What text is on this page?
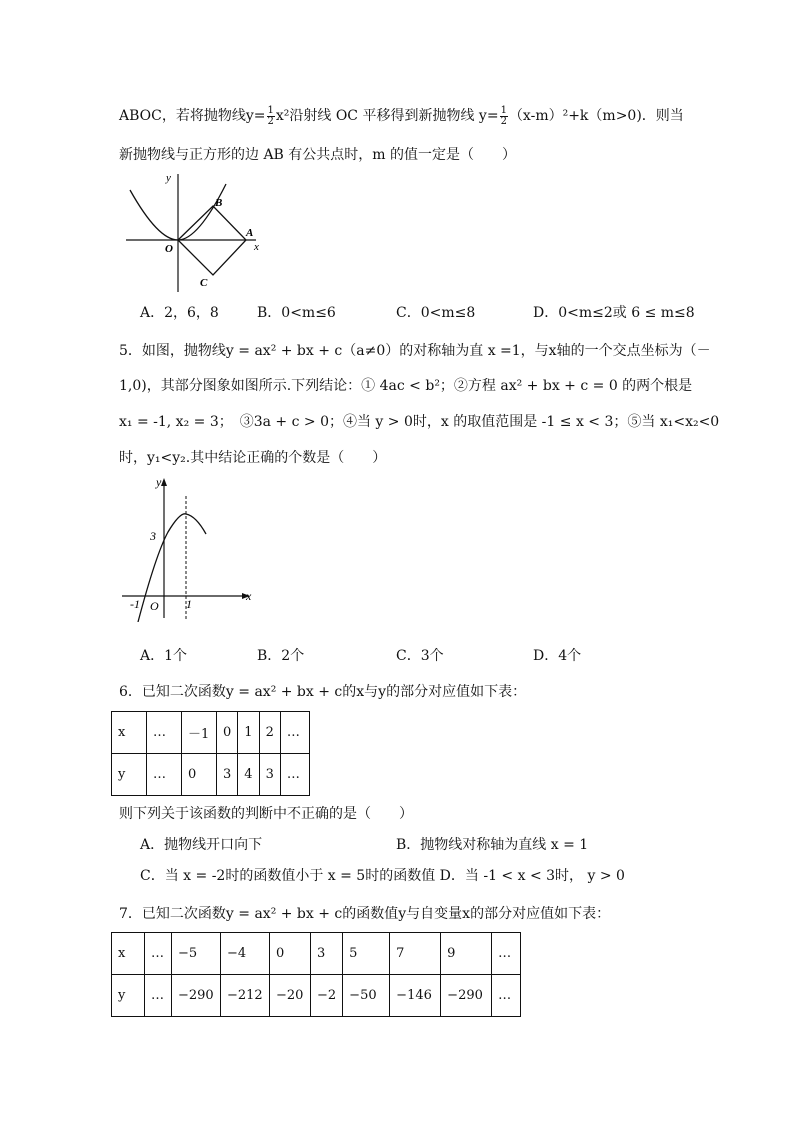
ABOC，若将抛物线$y= \frac{1}{2} x^2$沿射线 OC 平移得到新抛物线 $y= \frac{1}{2} (x-m)^2+k(m>0)$．则当
新抛物线与正方形的边 AB 有公共点时，m 的值一定是（　　）
y
x
O
A
B
C
A．2，6，8	B．0<m≤6	C．0<m≤8	D．0<m≤2或 6 ≤ m≤8
5．如图，抛物线y = ax² + bx + c（a≠0）的对称轴为直 x =1，与x轴的一个交点坐标为（－
1,0)，其部分图象如图所示.下列结论：① 4ac < b²；②方程 ax² + bx + c = 0 的两个根是
x₁ = -1, x₂ = 3；　③3a + c > 0；④当 y > 0时，x 的取值范围是 -1 ≤ x < 3；⑤当 x₁<x₂<0
时，y₁<y₂.其中结论正确的个数是（　　）
y
x
3
-1 O 1
A．1个	B．2个	C．3个	D．4个
6．已知二次函数y = ax² + bx + c的x与y的部分对应值如下表：
x	…	－1	0	1	2	…
y	…	0	3	4	3	…
则下列关于该函数的判断中不正确的是（　　）
A．抛物线开口向下	B．抛物线对称轴为直线 x = 1
C．当 x = -2时的函数值小于 x = 5时的函数值 D．当 -1 < x < 3时， y > 0
7．已知二次函数y = ax² + bx + c的函数值y与自变量x的部分对应值如下表：
x	…	−5	−4	0	3	5	7	9	…
y	…	−290	−212	−20	−2	−50	−146	−290	…
